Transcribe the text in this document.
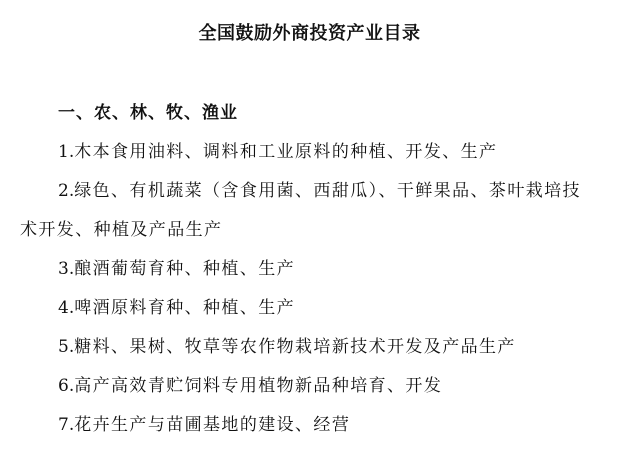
全国鼓励外商投资产业目录
一、农、林、牧、渔业
1.木本食用油料、调料和工业原料的种植、开发、生产
2.绿色、有机蔬菜（含食用菌、西甜瓜）、干鲜果品、茶叶栽培技术开发、种植及产品生产
3.酿酒葡萄育种、种植、生产
4.啤酒原料育种、种植、生产
5.糖料、果树、牧草等农作物栽培新技术开发及产品生产
6.高产高效青贮饲料专用植物新品种培育、开发
7.花卉生产与苗圃基地的建设、经营
